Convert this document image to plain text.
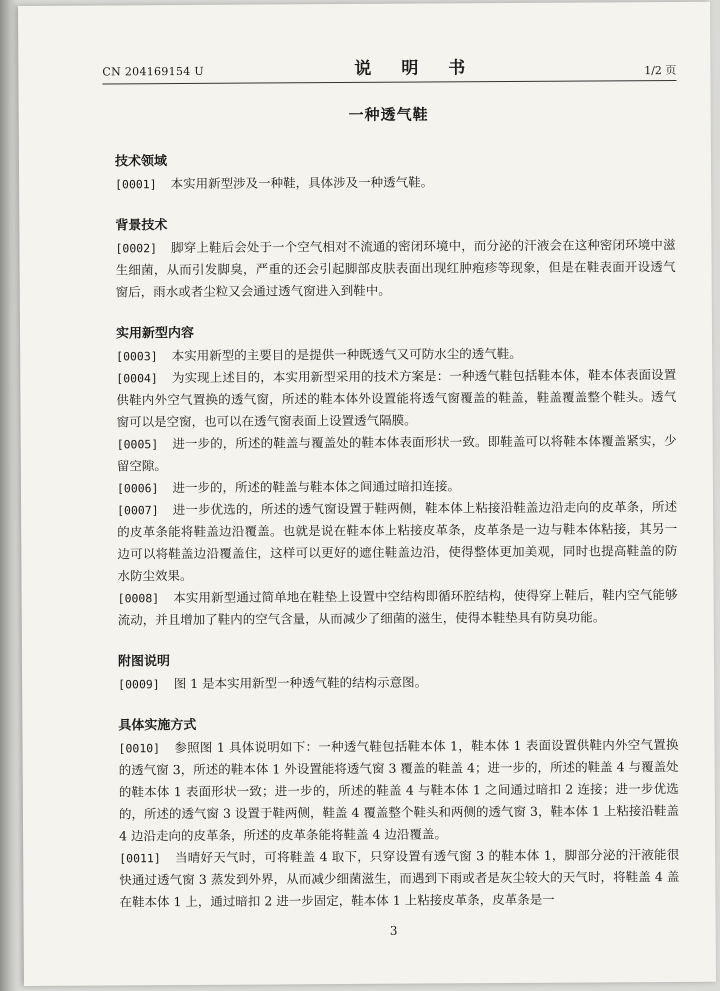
CN 204169154 U	说 明 书	1/2 页
一种透气鞋
技术领域

[0001] 本实用新型涉及一种鞋，具体涉及一种透气鞋。

背景技术

[0002] 脚穿上鞋后会处于一个空气相对不流通的密闭环境中，而分泌的汗液会在这种密闭环境中滋生细菌，从而引发脚臭，严重的还会引起脚部皮肤表面出现红肿疱疹等现象，但是在鞋表面开设透气窗后，雨水或者尘粒又会通过透气窗进入到鞋中。

实用新型内容

[0003] 本实用新型的主要目的是提供一种既透气又可防水尘的透气鞋。

[0004] 为实现上述目的，本实用新型采用的技术方案是：一种透气鞋包括鞋本体，鞋本体表面设置供鞋内外空气置换的透气窗，所述的鞋本体外设置能将透气窗覆盖的鞋盖，鞋盖覆盖整个鞋头。透气窗可以是空窗，也可以在透气窗表面上设置透气隔膜。

[0005] 进一步的，所述的鞋盖与覆盖处的鞋本体表面形状一致。即鞋盖可以将鞋本体覆盖紧实，少留空隙。

[0006] 进一步的，所述的鞋盖与鞋本体之间通过暗扣连接。

[0007] 进一步优选的，所述的透气窗设置于鞋两侧，鞋本体上粘接沿鞋盖边沿走向的皮革条，所述的皮革条能将鞋盖边沿覆盖。也就是说在鞋本体上粘接皮革条，皮革条是一边与鞋本体粘接，其另一边可以将鞋盖边沿覆盖住，这样可以更好的遮住鞋盖边沿，使得整体更加美观，同时也提高鞋盖的防水防尘效果。

[0008] 本实用新型通过简单地在鞋垫上设置中空结构即循环腔结构，使得穿上鞋后，鞋内空气能够流动，并且增加了鞋内的空气含量，从而减少了细菌的滋生，使得本鞋垫具有防臭功能。

附图说明

[0009] 图 1 是本实用新型一种透气鞋的结构示意图。

具体实施方式

[0010] 参照图 1 具体说明如下：一种透气鞋包括鞋本体 1，鞋本体 1 表面设置供鞋内外空气置换的透气窗 3，所述的鞋本体 1 外设置能将透气窗 3 覆盖的鞋盖 4；进一步的，所述的鞋盖 4 与覆盖处的鞋本体 1 表面形状一致；进一步的，所述的鞋盖 4 与鞋本体 1 之间通过暗扣 2 连接；进一步优选的，所述的透气窗 3 设置于鞋两侧，鞋盖 4 覆盖整个鞋头和两侧的透气窗 3，鞋本体 1 上粘接沿鞋盖 4 边沿走向的皮革条，所述的皮革条能将鞋盖 4 边沿覆盖。

[0011] 当晴好天气时，可将鞋盖 4 取下，只穿设置有透气窗 3 的鞋本体 1，脚部分泌的汗液能很快通过透气窗 3 蒸发到外界，从而减少细菌滋生，而遇到下雨或者是灰尘较大的天气时，将鞋盖 4 盖在鞋本体 1 上，通过暗扣 2 进一步固定，鞋本体 1 上粘接皮革条，皮革条是一

3
